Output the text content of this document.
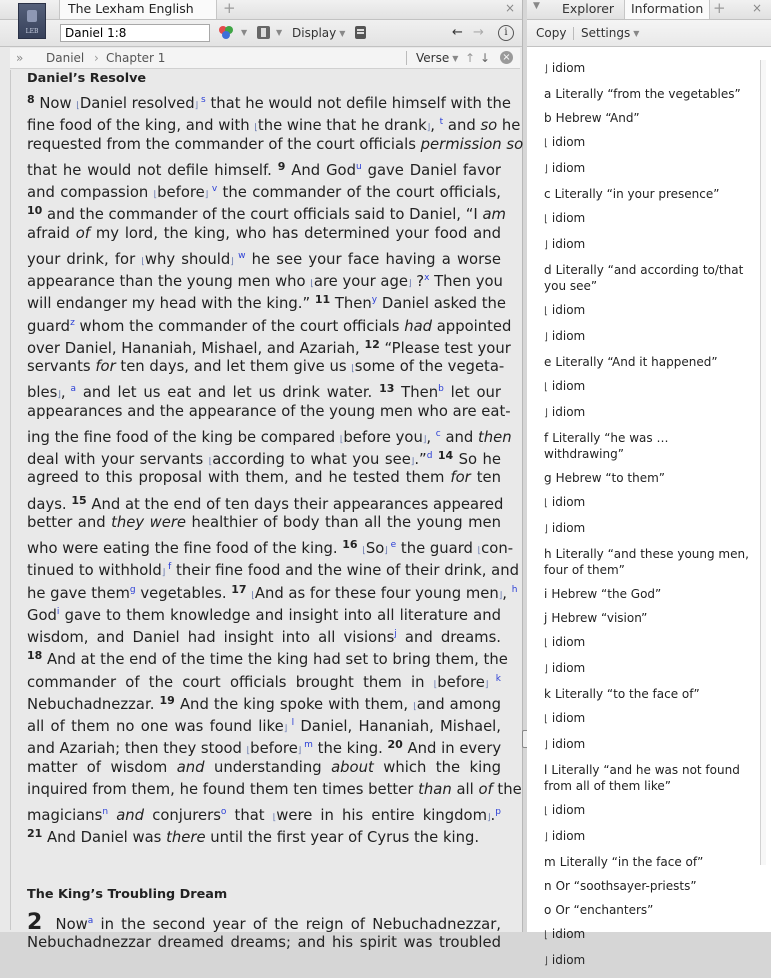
The Lexham English	+	×
LEB
Daniel 1:8	▼	▼ Display ▼	← →	i
» Daniel › Chapter 1	Verse ▼ ↑ ↓ ×
Daniel’s Resolve
$^8$ Now ⌊Daniel resolved⌋ $^s$ that he would not defile himself with the
fine food of the king, and with ⌊the wine that he drank⌋, $^t$ and so he
requested from the commander of the court officials permission so
that he would not defile himself. $^9$ And God$^u$ gave Daniel favor
and compassion ⌊before⌋ $^v$ the commander of the court officials,
$^{10}$ and the commander of the court officials said to Daniel, “I am
afraid of my lord, the king, who has determined your food and
your drink, for ⌊why should⌋ $^w$ he see your face having a worse
appearance than the young men who ⌊are your age⌋ ?$^x$ Then you
will endanger my head with the king.” $^{11}$ Then$^y$ Daniel asked the
guard$^z$ whom the commander of the court officials had appointed
over Daniel, Hananiah, Mishael, and Azariah, $^{12}$ “Please test your
servants for ten days, and let them give us ⌊some of the vegeta-
bles⌋, $^a$ and let us eat and let us drink water. $^{13}$ Then$^b$ let our
appearances and the appearance of the young men who are eat-
ing the fine food of the king be compared ⌊before you⌋, $^c$ and then
deal with your servants ⌊according to what you see⌋.”$^d$ $^{14}$ So he
agreed to this proposal with them, and he tested them for ten
days. $^{15}$ And at the end of ten days their appearances appeared
better and they were healthier of body than all the young men
who were eating the fine food of the king. $^{16}$ ⌊So⌋ $^e$ the guard ⌊con-
tinued to withhold⌋ $^f$ their fine food and the wine of their drink, and
he gave them$^g$ vegetables. $^{17}$ ⌊And as for these four young men⌋, $^h$
God$^i$ gave to them knowledge and insight into all literature and
wisdom, and Daniel had insight into all visions$^j$ and dreams.
$^{18}$ And at the end of the time the king had set to bring them, the
commander of the court officials brought them in ⌊before⌋ $^k$
Nebuchadnezzar. $^{19}$ And the king spoke with them, ⌊and among
all of them no one was found like⌋ $^l$ Daniel, Hananiah, Mishael,
and Azariah; then they stood ⌊before⌋ $^m$ the king. $^{20}$ And in every
matter of wisdom and understanding about which the king
inquired from them, he found them ten times better than all of the
magicians$^n$ and conjurers$^o$ that ⌊were in his entire kingdom⌋.$^p$
$^{21}$ And Daniel was there until the first year of Cyrus the king.
The King’s Troubling Dream
2 Now$^a$ in the second year of the reign of Nebuchadnezzar,
Nebuchadnezzar dreamed dreams; and his spirit was troubled
▼	Explorer	Information + ×
Copy Settings ▼
⌋ idiom
a Literally “from the vegetables”
b Hebrew “And”
⌊ idiom
⌋ idiom
c Literally “in your presence”
⌊ idiom
⌋ idiom
d Literally “and according to/that you see”
⌊ idiom
⌋ idiom
e Literally “And it happened”
⌊ idiom
⌋ idiom
f Literally “he was … withdrawing”
g Hebrew “to them”
⌊ idiom
⌋ idiom
h Literally “and these young men, four of them”
i Hebrew “the God”
j Hebrew “vision”
⌊ idiom
⌋ idiom
k Literally “to the face of”
⌊ idiom
⌋ idiom
l Literally “and he was not found from all of them like”
⌊ idiom
⌋ idiom
m Literally “in the face of”
n Or “soothsayer-priests”
o Or “enchanters”
⌊ idiom
⌋ idiom
